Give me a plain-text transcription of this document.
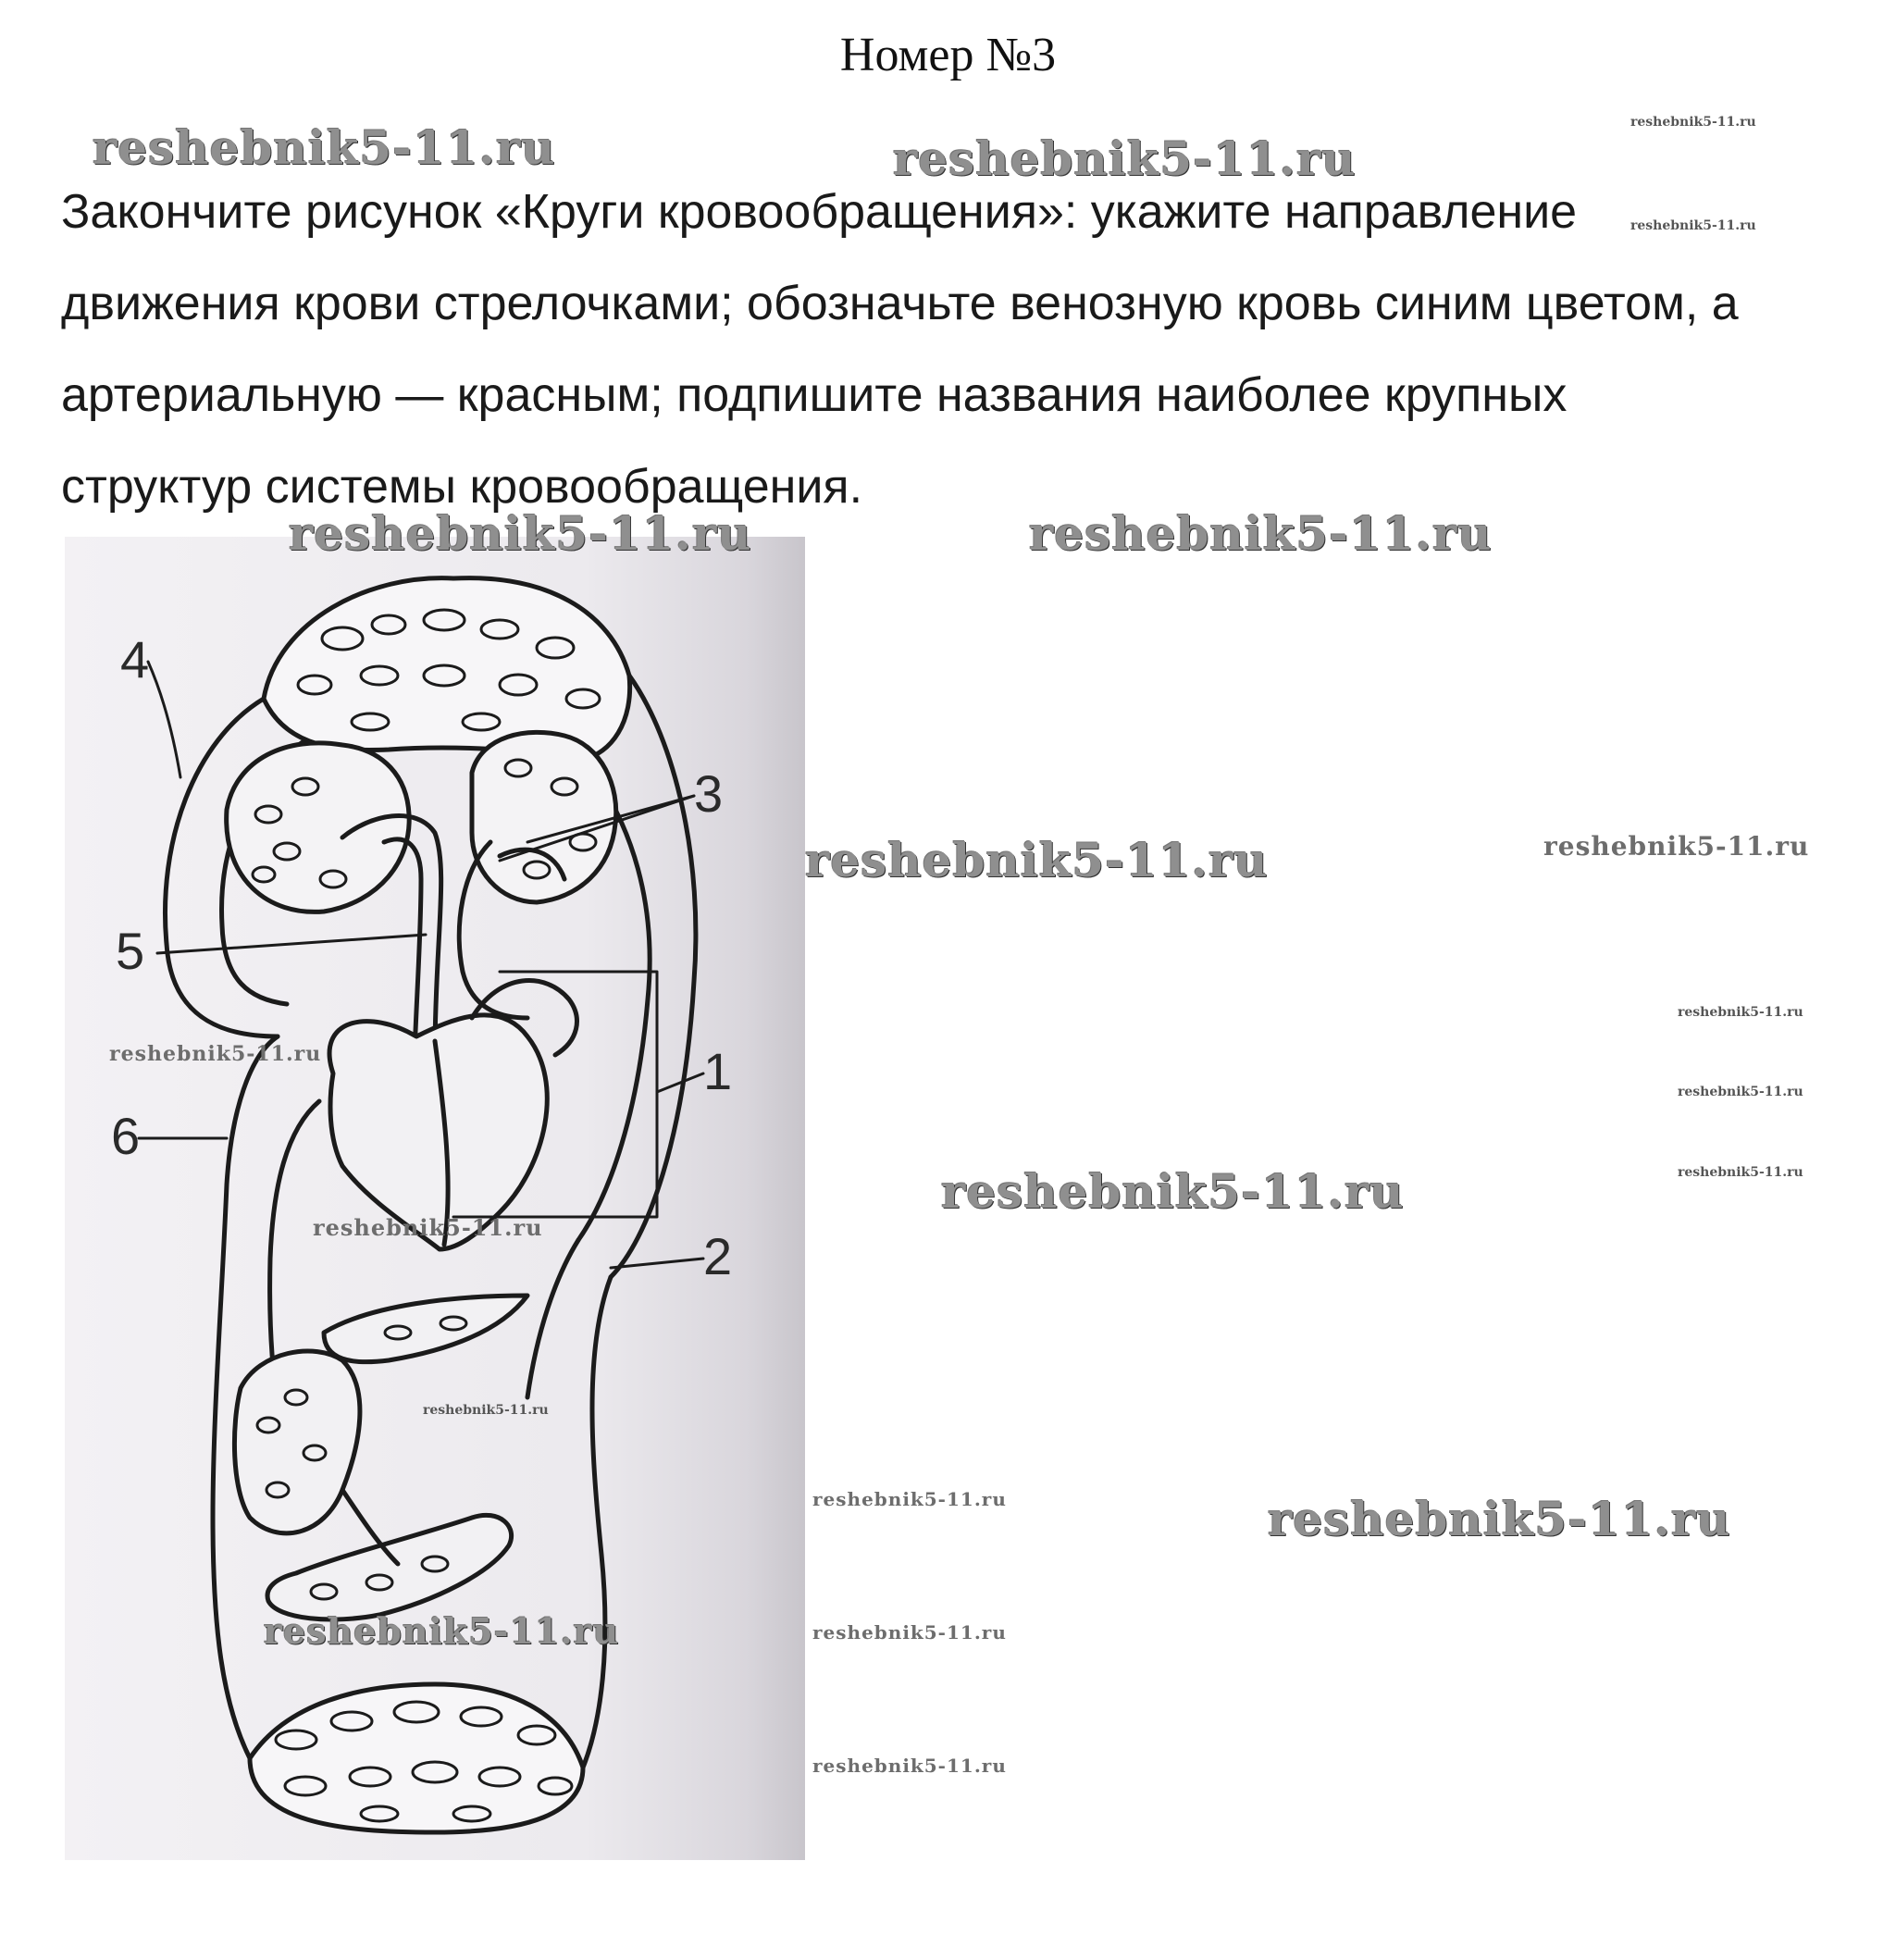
Номер №3
Закончите рисунок «Круги кровообращения»: укажите направление
движения крови стрелочками; обозначьте венозную кровь синим цветом, а
артериальную — красным; подпишите названия наиболее крупных
структур системы кровообращения.
4
3
5
1
6
2
reshebnik5-11.ru	reshebnik5-11.ru
reshebnik5-11.ru
reshebnik5-11.ru
reshebnik5-11.ru	reshebnik5-11.ru
reshebnik5-11.ru	reshebnik5-11.ru
reshebnik5-11.ru
reshebnik5-11.ru
reshebnik5-11.ru
reshebnik5-11.ru
reshebnik5-11.ru
reshebnik5-11.ru
reshebnik5-11.ru
reshebnik5-11.ru	reshebnik5-11.ru
reshebnik5-11.ru	reshebnik5-11.ru
reshebnik5-11.ru
